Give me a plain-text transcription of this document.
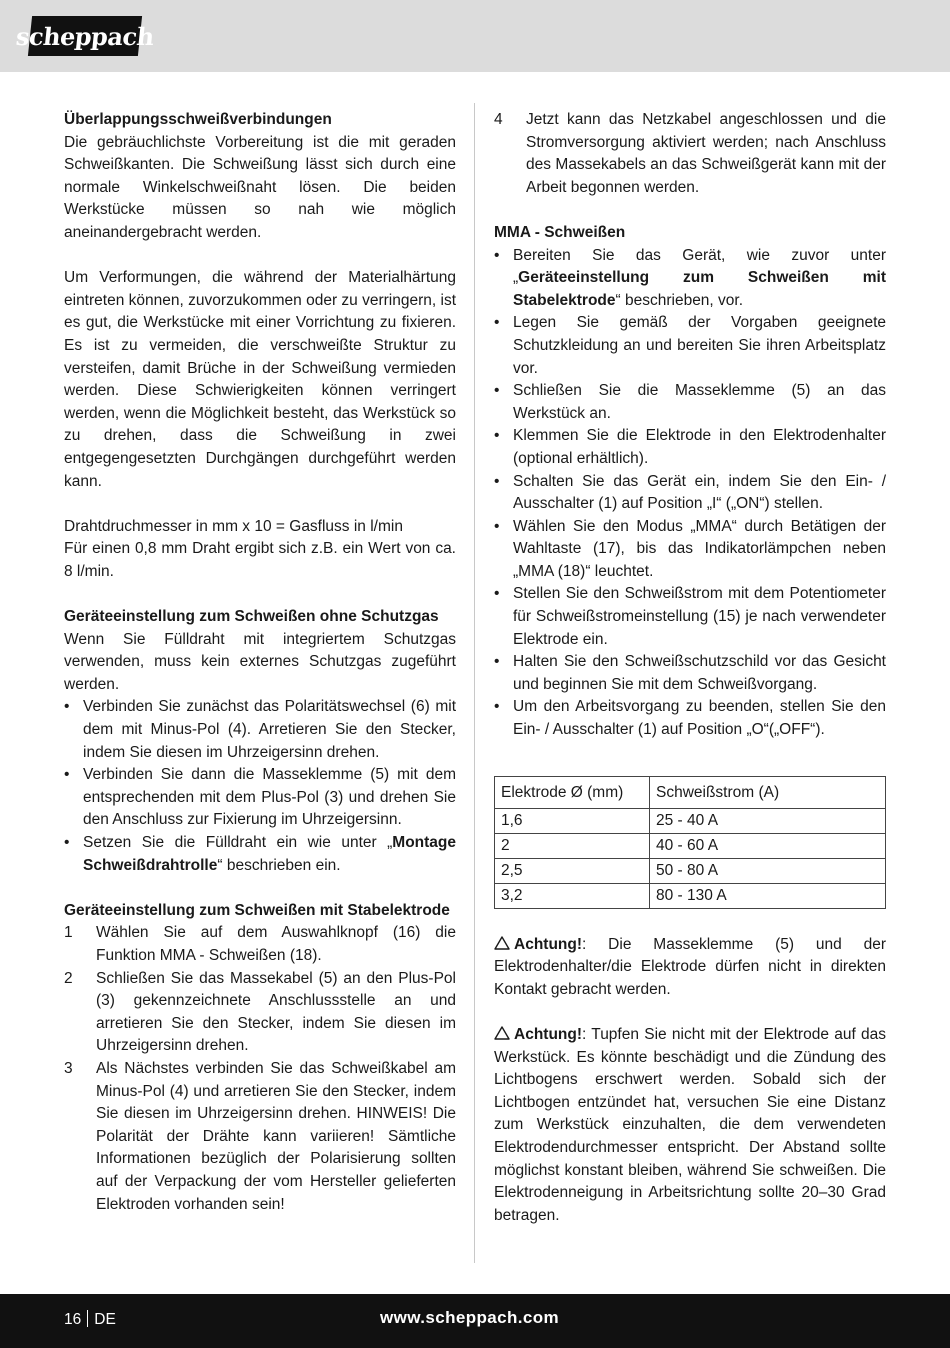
scheppach

Überlappungsschweißverbindungen

Die gebräuchlichste Vorbereitung ist die mit geraden Schweißkanten. Die Schweißung lässt sich durch eine normale Winkelschweißnaht lösen. Die beiden Werkstücke müssen so nah wie möglich aneinandergebracht werden.

Um Verformungen, die während der Materialhärtung eintreten können, zuvorzukommen oder zu verringern, ist es gut, die Werkstücke mit einer Vorrichtung zu fixieren. Es ist zu vermeiden, die verschweißte Struktur zu versteifen, damit Brüche in der Schweißung vermieden werden. Diese Schwierigkeiten können verringert werden, wenn die Möglichkeit besteht, das Werkstück so zu drehen, dass die Schweißung in zwei entgegengesetzten Durchgängen durchgeführt werden kann.

Drahtdruchmesser in mm x 10 = Gasfluss in l/min

Für einen 0,8 mm Draht ergibt sich z.B. ein Wert von ca. 8 l/min.

Geräteeinstellung zum Schweißen ohne Schutzgas

Wenn Sie Fülldraht mit integriertem Schutzgas verwenden, muss kein externes Schutzgas zugeführt werden.

• Verbinden Sie zunächst das Polaritätswechsel (6) mit dem mit Minus-Pol (4). Arretieren Sie den Stecker, indem Sie diesen im Uhrzeigersinn drehen.
• Verbinden Sie dann die Masseklemme (5) mit dem entsprechenden mit dem Plus-Pol (3) und drehen Sie den Anschluss zur Fixierung im Uhrzeigersinn.
• Setzen Sie die Fülldraht ein wie unter „Montage Schweißdrahtrolle“ beschrieben ein.

Geräteeinstellung zum Schweißen mit Stabelektrode

1 Wählen Sie auf dem Auswahlknopf (16) die Funktion MMA - Schweißen (18).
2 Schließen Sie das Massekabel (5) an den Plus-Pol (3) gekennzeichnete Anschlussstelle an und arretieren Sie den Stecker, indem Sie diesen im Uhrzeigersinn drehen.
3 Als Nächstes verbinden Sie das Schweißkabel am Minus-Pol (4) und arretieren Sie den Stecker, indem Sie diesen im Uhrzeigersinn drehen. HINWEIS! Die Polarität der Drähte kann variieren! Sämtliche Informationen bezüglich der Polarisierung sollten auf der Verpackung der vom Hersteller gelieferten Elektroden vorhanden sein!
4 Jetzt kann das Netzkabel angeschlossen und die Stromversorgung aktiviert werden; nach Anschluss des Massekabels an das Schweißgerät kann mit der Arbeit begonnen werden.

MMA - Schweißen

• Bereiten Sie das Gerät, wie zuvor unter „Geräteeinstellung zum Schweißen mit Stabelektrode“ beschrieben, vor.
• Legen Sie gemäß der Vorgaben geeignete Schutzkleidung an und bereiten Sie ihren Arbeitsplatz vor.
• Schließen Sie die Masseklemme (5) an das Werkstück an.
• Klemmen Sie die Elektrode in den Elektrodenhalter (optional erhältlich).
• Schalten Sie das Gerät ein, indem Sie den Ein- / Ausschalter (1) auf Position „I“ („ON“) stellen.
• Wählen Sie den Modus „MMA“ durch Betätigen der Wahltaste (17), bis das Indikatorlämpchen neben „MMA (18)“ leuchtet.
• Stellen Sie den Schweißstrom mit dem Potentiometer für Schweißstromeinstellung (15) je nach verwendeter Elektrode ein.
• Halten Sie den Schweißschutzschild vor das Gesicht und beginnen Sie mit dem Schweißvorgang.
• Um den Arbeitsvorgang zu beenden, stellen Sie den Ein- / Ausschalter (1) auf Position „O“(„OFF“).
Elektrode Ø (mm)	Schweißstrom (A)
1,6	25 - 40 A
2	40 - 60 A
2,5	50 - 80 A
3,2	80 - 130 A

Achtung!: Die Masseklemme (5) und der Elektrodenhalter/die Elektrode dürfen nicht in direkten Kontakt gebracht werden.

Achtung!: Tupfen Sie nicht mit der Elektrode auf das Werkstück. Es könnte beschädigt und die Zündung des Lichtbogens erschwert werden. Sobald sich der Lichtbogen entzündet hat, versuchen Sie eine Distanz zum Werkstück einzuhalten, die dem verwendeten Elektrodendurchmesser entspricht. Der Abstand sollte möglichst konstant bleiben, während Sie schweißen. Die Elektrodenneigung in Arbeitsrichtung sollte 20–30 Grad betragen.

16 DE	www.scheppach.com
